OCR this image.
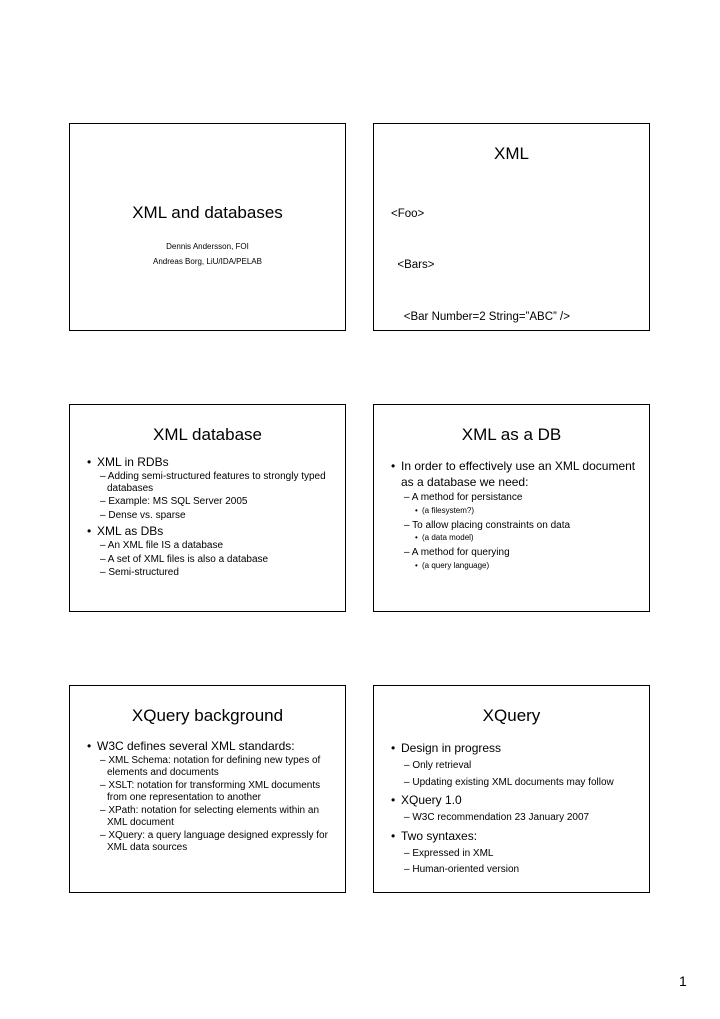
XML and databases
Dennis Andersson, FOI
Andreas Borg, LiU/IDA/PELAB
XML

<Foo>

<Bars>

<Bar Number=2 String=”ABC” />

XML database
• XML in RDBs
– Adding semi-structured features to strongly typed databases
– Example: MS SQL Server 2005
– Dense vs. sparse
• XML as DBs
– An XML file IS a database
– A set of XML files is also a database
– Semi-structured
XML as a DB
• In order to effectively use an XML document as a database we need:
– A method for persistance
• (a filesystem?)
– To allow placing constraints on data
• (a data model)
– A method for querying
• (a query language)
XQuery background
• W3C defines several XML standards:
– XML Schema: notation for defining new types of elements and documents
– XSLT: notation for transforming XML documents from one representation to another
– XPath: notation for selecting elements within an XML document
– XQuery: a query language designed expressly for XML data sources
XQuery
• Design in progress
– Only retrieval
– Updating existing XML documents may follow
• XQuery 1.0
– W3C recommendation 23 January 2007
• Two syntaxes:
– Expressed in XML
– Human-oriented version
1
